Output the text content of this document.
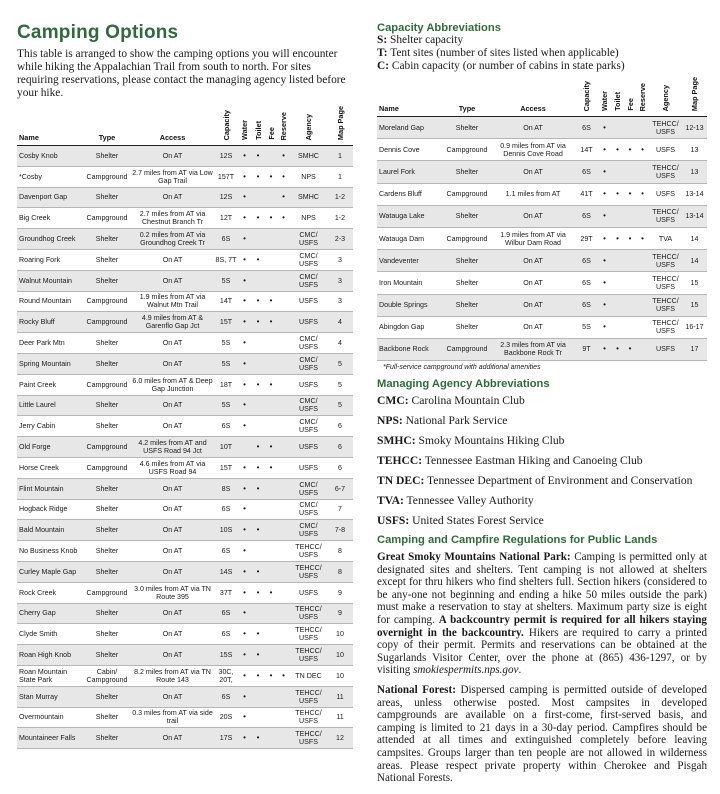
Camping Options

This table is arranged to show the camping options you will encounter while hiking the Appalachian Trail from south to north. For sites requiring reservations, please contact the managing agency listed before your hike.

Name	Type	Access	Capacity	Water	Toilet	Fee	Reserve	Agency	Map Page
Cosby Knob	Shelter	On AT	12S	•	•		•	SMHC	1
*Cosby	Campground	2.7 miles from AT via Low Gap Trail	157T	•	•	•	•	NPS	1
Davenport Gap	Shelter	On AT	12S	•			•	SMHC	1-2
Big Creek	Campground	2.7 miles from AT via Chestnut Branch Tr	12T	•	•	•	•	NPS	1-2
Groundhog Creek	Shelter	0.2 miles from AT via Groundhog Creek Tr	6S	•				CMC/ USFS	2-3
Roaring Fork	Shelter	On AT	8S, 7T	•	•			CMC/ USFS	3
Walnut Mountain	Shelter	On AT	5S	•				CMC/ USFS	3
Round Mountain	Campground	1.9 miles from AT via Walnut Mtn Trail	14T	•	•	•		USFS	3
Rocky Bluff	Campground	4.9 miles from AT & Garenflo Gap Jct	15T	•	•	•		USFS	4
Deer Park Mtn	Shelter	On AT	5S	•				CMC/ USFS	4
Spring Mountain	Shelter	On AT	5S	•				CMC/ USFS	5
Paint Creek	Campground	6.0 miles from AT & Deep Gap Junction	18T	•	•	•		USFS	5
Little Laurel	Shelter	On AT	5S	•				CMC/ USFS	5
Jerry Cabin	Shelter	On AT	6S	•				CMC/ USFS	6
Old Forge	Campground	4.2 miles from AT and USFS Road 94 Jct	10T		•	•		USFS	6
Horse Creek	Campground	4.6 miles from AT via USFS Road 94	15T	•	•	•		USFS	6
Flint Mountain	Shelter	On AT	8S	•	•			CMC/ USFS	6-7
Hogback Ridge	Shelter	On AT	6S	•				CMC/ USFS	7
Bald Mountain	Shelter	On AT	10S	•	•			CMC/ USFS	7-8
No Business Knob	Shelter	On AT	6S	•				TEHCC/ USFS	8
Curley Maple Gap	Shelter	On AT	14S	•	•			TEHCC/ USFS	8
Rock Creek	Campground	3.0 miles from AT via TN Route 395	37T	•	•	•		USFS	9
Cherry Gap	Shelter	On AT	6S	•				TEHCC/ USFS	9
Clyde Smith	Shelter	On AT	6S	•	•			TEHCC/ USFS	10
Roan High Knob	Shelter	On AT	15S	•	•			TEHCC/ USFS	10
Roan Mountain State Park	Cabin/ Campground	8.2 miles from AT via TN Route 143	30C, 20T,	•	•	•	•	TN DEC	10
Stan Murray	Shelter	On AT	6S	•				TEHCC/ USFS	11
Overmountain	Shelter	0.3 miles from AT via side trail	20S	•				TEHCC/ USFS	11
Mountaineer Falls	Shelter	On AT	17S	•	•			TEHCC/ USFS	12
Capacity Abbreviations
S: Shelter capacity
T: Tent sites (number of sites listed when applicable)
C: Cabin capacity (or number of cabins in state parks)
Name	Type	Access	Capacity	Water	Toilet	Fee	Reserve	Agency	Map Page
Moreland Gap	Shelter	On AT	6S	•				TEHCC/ USFS	12-13
Dennis Cove	Campground	0.9 miles from AT via Dennis Cove Road	14T	•	•	•	•	USFS	13
Laurel Fork	Shelter	On AT	6S	•				TEHCC/ USFS	13
Cardens Bluff	Campground	1.1 miles from AT	41T	•	•	•	•	USFS	13-14
Watauga Lake	Shelter	On AT	6S	•				TEHCC/ USFS	13-14
Watauga Dam	Campground	1.9 miles from AT via Wilbur Dam Road	29T	•	•	•	•	TVA	14
Vandeventer	Shelter	On AT	6S	•				TEHCC/ USFS	14
Iron Mountain	Shelter	On AT	6S	•				TEHCC/ USFS	15
Double Springs	Shelter	On AT	6S	•				TEHCC/ USFS	15
Abingdon Gap	Shelter	On AT	5S	•				TEHCC/ USFS	16-17
Backbone Rock	Campground	2.3 miles from AT via Backbone Rock Tr	9T	•	•	•		USFS	17

*Full-service campground with additional amenities

Managing Agency Abbreviations
CMC: Carolina Mountain Club
NPS: National Park Service
SMHC: Smoky Mountains Hiking Club
TEHCC: Tennessee Eastman Hiking and Canoeing Club
TN DEC: Tennessee Department of Environment and Conservation
TVA: Tennessee Valley Authority
USFS: United States Forest Service
Camping and Campfire Regulations for Public Lands

Great Smoky Mountains National Park: Camping is permitted only at designated sites and shelters. Tent camping is not allowed at shelters except for thru hikers who find shelters full. Section hikers (considered to be any-one not beginning and ending a hike 50 miles outside the park) must make a reservation to stay at shelters. Maximum party size is eight for camping. A backcountry permit is required for all hikers staying overnight in the backcountry. Hikers are required to carry a printed copy of their permit. Permits and reservations can be obtained at the Sugarlands Visitor Center, over the phone at (865) 436-1297, or by visiting smokiespermits.nps.gov.

National Forest: Dispersed camping is permitted outside of developed areas, unless otherwise posted. Most campsites in developed campgrounds are available on a first-come, first-served basis, and camping is limited to 21 days in a 30-day period. Campfires should be attended at all times and extinguished completely before leaving campsites. Groups larger than ten people are not allowed in wilderness areas. Please respect private property within Cherokee and Pisgah National Forests.
